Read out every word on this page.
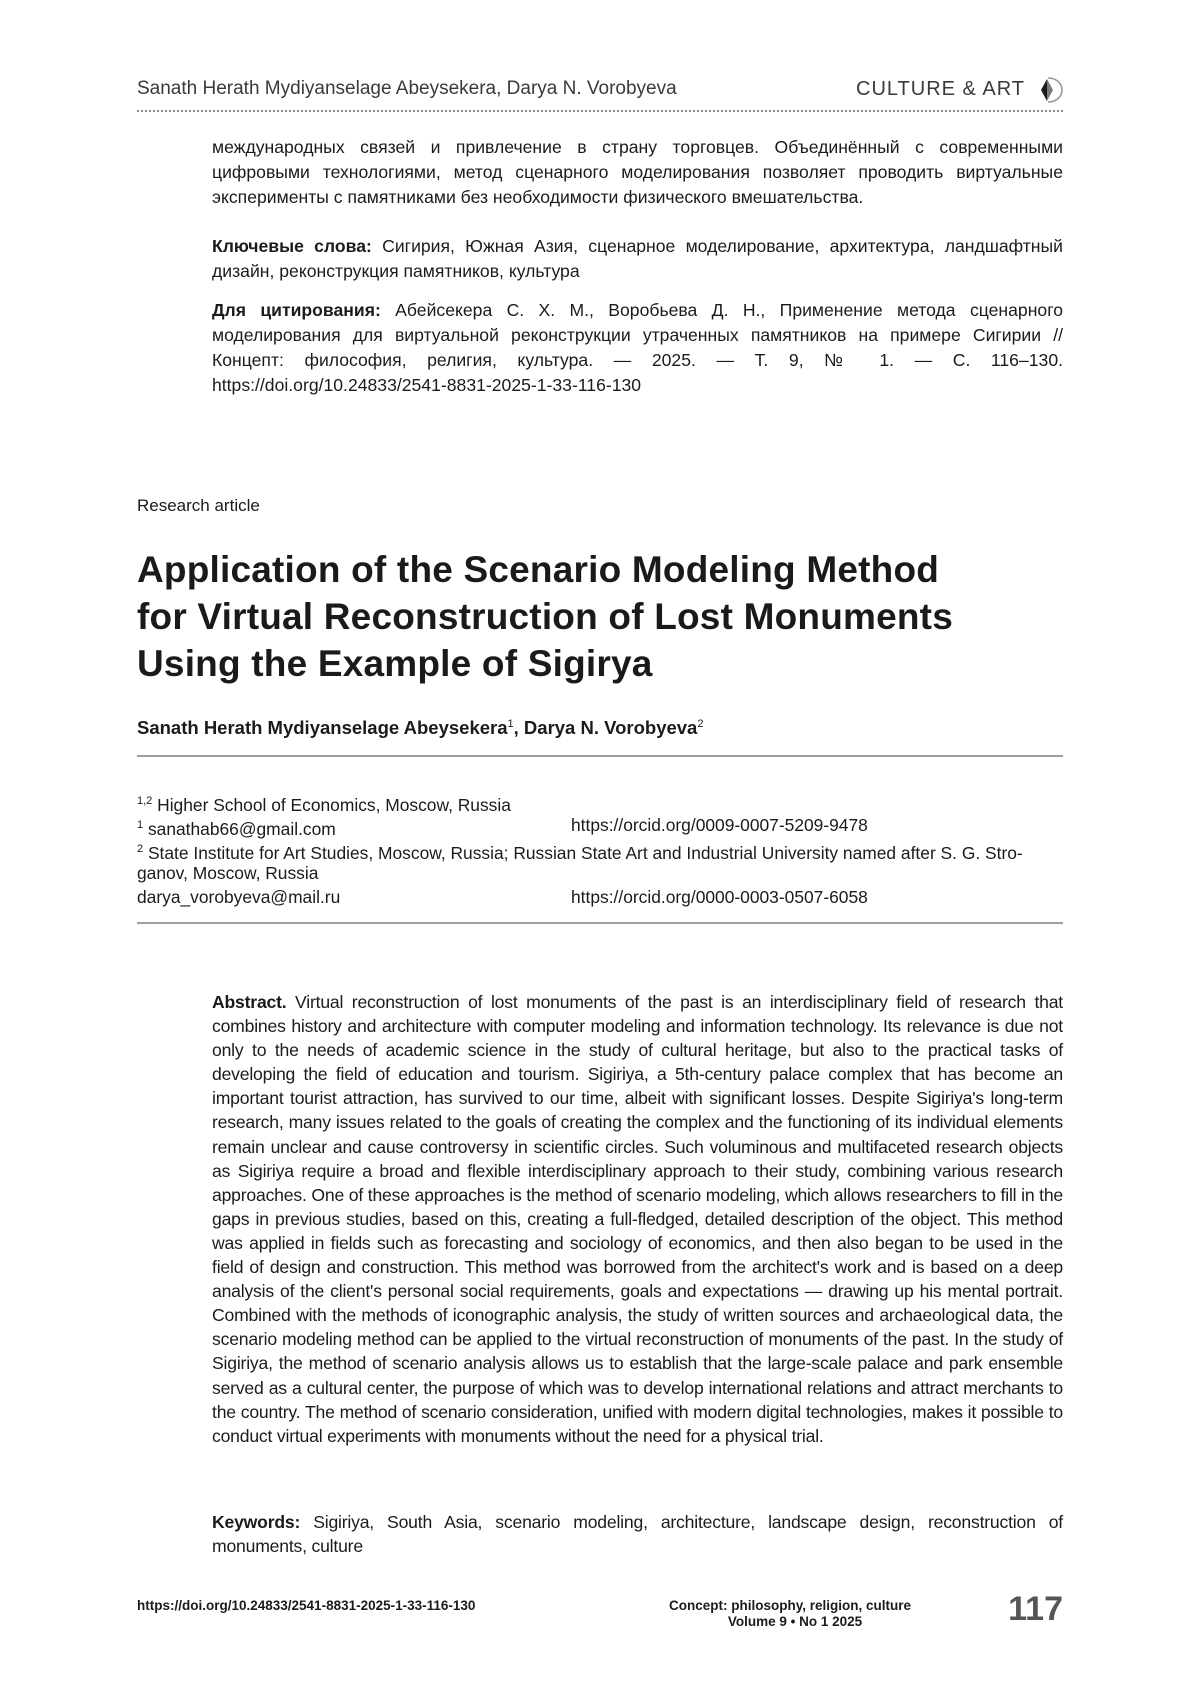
Sanath Herath Mydiyanselage Abeysekera, Darya N. Vorobyeva	CULTURE & ART

международных связей и привлечение в страну торговцев. Объединённый с современными цифровыми технологиями, метод сценарного моделирования позволяет проводить виртуальные эксперименты с памятниками без необходимости физического вмешательства.

Ключевые слова: Сигирия, Южная Азия, сценарное моделирование, архитектура, ландшафтный дизайн, реконструкция памятников, культура

Для цитирования: Абейсекера С. Х. М., Воробьева Д. Н., Применение метода сценарного моделирования для виртуальной реконструкции утраченных памятников на примере Сигирии // Концепт: философия, религия, культура. — 2025. — Т. 9, № 1. — С. 116–130. https://doi.org/10.24833/2541-8831-2025-1-33-116-130

Research article
Application of the Scenario Modeling Method
for Virtual Reconstruction of Lost Monuments
Using the Example of Sigirya
Sanath Herath Mydiyanselage Abeysekera$^1$, Darya N. Vorobyeva$^2$
$^{1,2}$ Higher School of Economics, Moscow, Russia
$^1$ sanathab66@gmail.com	https://orcid.org/0009-0007-5209-9478
$^2$ State Institute for Art Studies, Moscow, Russia; Russian State Art and Industrial University named after S. G. Stro-
ganov, Moscow, Russia
darya_vorobyeva@mail.ru	https://orcid.org/0000-0003-0507-6058

Abstract. Virtual reconstruction of lost monuments of the past is an interdisciplinary field of research that combines history and architecture with computer modeling and information technology. Its relevance is due not only to the needs of academic science in the study of cultural heritage, but also to the practical tasks of developing the field of education and tourism. Sigiriya, a 5th-century palace complex that has become an important tourist attraction, has survived to our time, albeit with significant losses. Despite Sigiriya's long-term research, many issues related to the goals of creating the complex and the functioning of its individual elements remain unclear and cause controversy in scientific circles. Such voluminous and multifaceted research objects as Sigiriya require a broad and flexible interdisciplinary approach to their study, combining various research approaches. One of these approaches is the method of scenario modeling, which allows researchers to fill in the gaps in previous studies, based on this, creating a full-fledged, detailed description of the object. This method was applied in fields such as forecasting and sociology of economics, and then also began to be used in the field of design and construction. This method was borrowed from the architect's work and is based on a deep analysis of the client's personal social requirements, goals and expectations — drawing up his mental portrait. Combined with the methods of iconographic analysis, the study of written sources and archaeological data, the scenario modeling method can be applied to the virtual reconstruction of monuments of the past. In the study of Sigiriya, the method of scenario analysis allows us to establish that the large-scale palace and park ensemble served as a cultural center, the purpose of which was to develop international relations and attract merchants to the country. The method of scenario consideration, unified with modern digital technologies, makes it possible to conduct virtual experiments with monuments without the need for a physical trial.

Keywords: Sigiriya, South Asia, scenario modeling, architecture, landscape design, reconstruction of monuments, culture

https://doi.org/10.24833/2541-8831-2025-1-33-116-130	Concept: philosophy, religion, culture
Volume 9 • No 1 2025	117
